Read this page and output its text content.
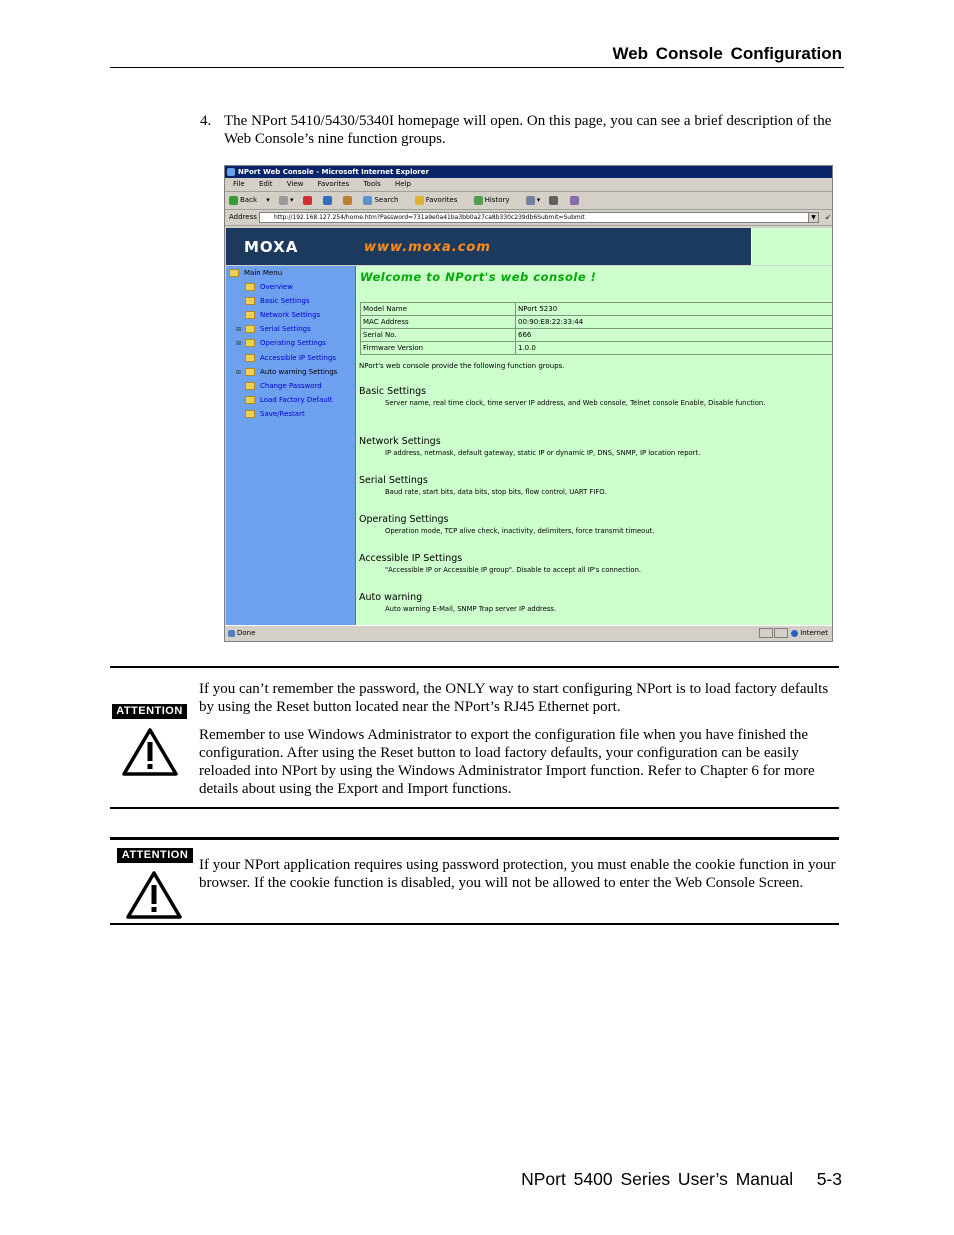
Web Console Configuration
4. The NPort 5410/5430/5340I homepage will open. On this page, you can see a brief description of the Web Console’s nine function groups.
NPort Web Console - Microsoft Internet Explorer
File Edit View Favorites Tools Help
Back ▾	▾	Search	Favorites	History	▾
Address	http://192.168.127.254/home.htm?Password=731a9e0a41ba3bb0a27ca8b330c239db6Submit=Submit	▼	↙
MOXA	www.moxa.com
Main Menu
Overview
Basic Settings
Network Settings
⊞	Serial Settings
⊞	Operating Settings
Accessible IP Settings
⊞	Auto warning Settings
Change Password
Load Factory Default
Save/Restart
Welcome to NPort's web console !
Model Name	NPort 5230
MAC Address	00:90:E8:22:33:44
Serial No.	666
Firmware Version	1.0.0
NPort's web console provide the following function groups.
Basic Settings
Server name, real time clock, time server IP address, and Web console, Telnet console Enable, Disable function.
Network Settings
IP address, netmask, default gateway, static IP or dynamic IP, DNS, SNMP, IP location report.
Serial Settings
Baud rate, start bits, data bits, stop bits, flow control, UART FIFO.
Operating Settings
Operation mode, TCP alive check, inactivity, delimiters, force transmit timeout.
Accessible IP Settings
"Accessible IP or Accessible IP group". Disable to accept all IP's connection.
Auto warning
Auto warning E-Mail, SNMP Trap server IP address.
Done	Internet
ATTENTION
If you can’t remember the password, the ONLY way to start configuring NPort is to load factory defaults by using the Reset button located near the NPort’s RJ45 Ethernet port.
Remember to use Windows Administrator to export the configuration file when you have finished the configuration. After using the Reset button to load factory defaults, your configuration can be easily reloaded into NPort by using the Windows Administrator Import function. Refer to Chapter 6 for more details about using the Export and Import functions.
ATTENTION
If your NPort application requires using password protection, you must enable the cookie function in your browser. If the cookie function is disabled, you will not be allowed to enter the Web Console Screen.
NPort 5400 Series User’s Manual 5-3
